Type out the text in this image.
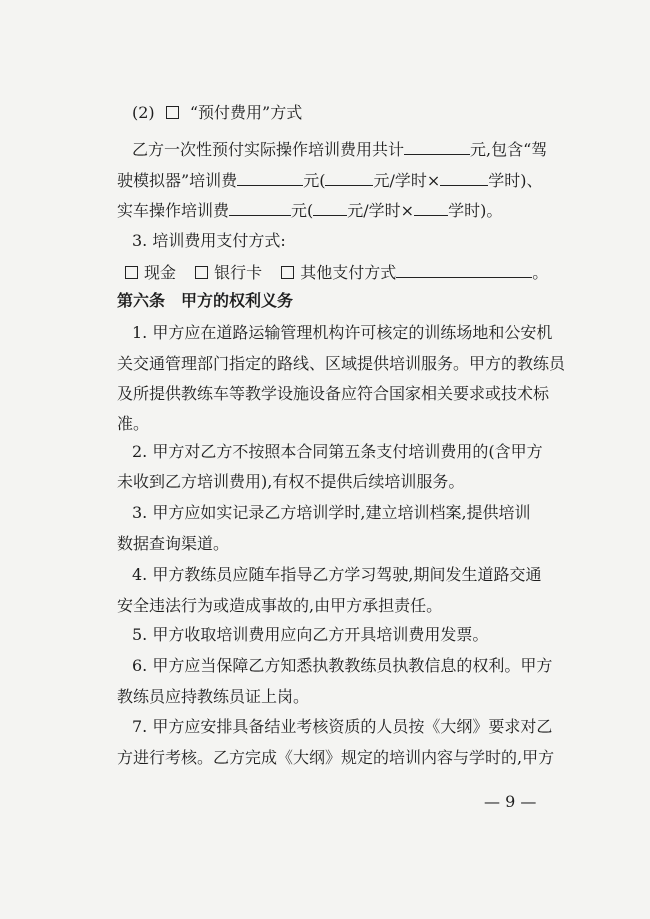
(2) “预付费用”方式
乙方一次性预付实际操作培训费用共计	元,包含“驾
驶模拟器”培训费	元(	元/学时×	学时)、
实车操作培训费	元( 元/学时× 学时)。
3. 培训费用支付方式:
现金 银行卡 其他支付方式	。
第六条　甲方的权利义务
1. 甲方应在道路运输管理机构许可核定的训练场地和公安机
关交通管理部门指定的路线、区域提供培训服务。甲方的教练员
及所提供教练车等教学设施设备应符合国家相关要求或技术标
准。
2. 甲方对乙方不按照本合同第五条支付培训费用的(含甲方
未收到乙方培训费用),有权不提供后续培训服务。
3. 甲方应如实记录乙方培训学时,建立培训档案,提供培训
数据查询渠道。
4. 甲方教练员应随车指导乙方学习驾驶,期间发生道路交通
安全违法行为或造成事故的,由甲方承担责任。
5. 甲方收取培训费用应向乙方开具培训费用发票。
6. 甲方应当保障乙方知悉执教教练员执教信息的权利。甲方
教练员应持教练员证上岗。
7. 甲方应安排具备结业考核资质的人员按《大纲》要求对乙
方进行考核。乙方完成《大纲》规定的培训内容与学时的,甲方
— 9 —
